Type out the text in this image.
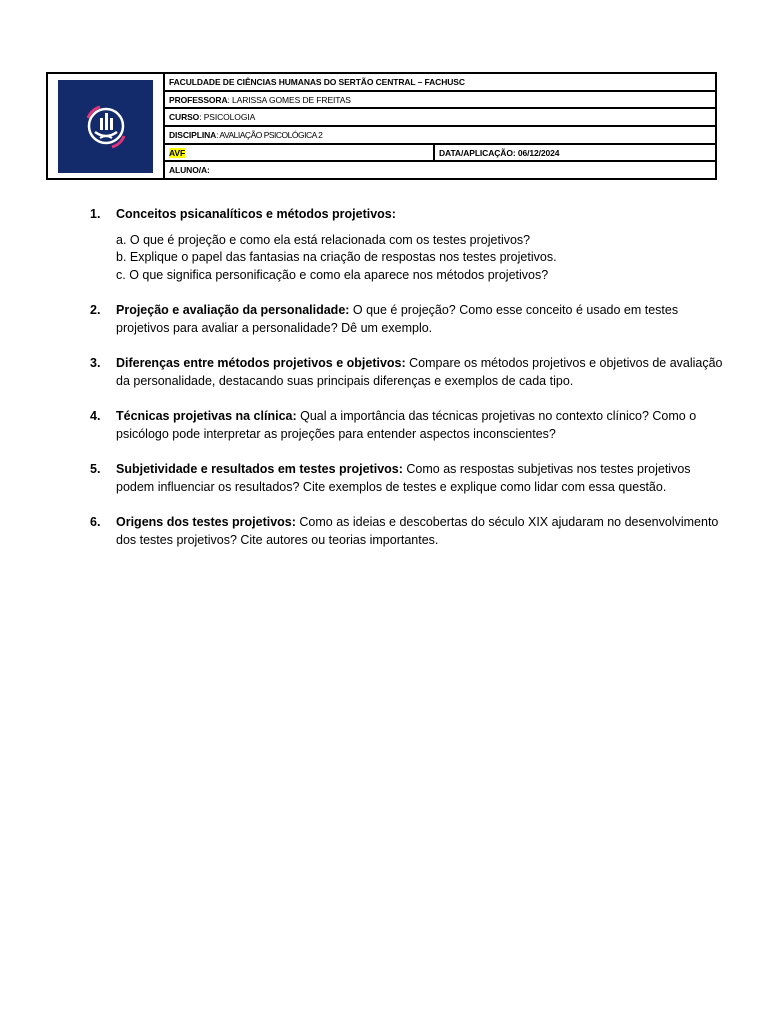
FACULDADE DE CIÊNCIAS HUMANAS DO SERTÃO CENTRAL – FACHUSC
PROFESSORA : LARISSA GOMES DE FREITAS
CURSO : PSICOLOGIA
DISCIPLINA : AVALIAÇÃO PSICOLÓGICA 2
AVF	DATA/APLICAÇÃO: 06/12/2024
ALUNO/A:
1.	Conceitos psicanalíticos e métodos projetivos:
a. O que é projeção e como ela está relacionada com os testes projetivos?
b. Explique o papel das fantasias na criação de respostas nos testes projetivos.
c. O que significa personificação e como ela aparece nos métodos projetivos?
2.	Projeção e avaliação da personalidade: O que é projeção? Como esse conceito é usado em testes projetivos para avaliar a personalidade? Dê um exemplo.
3.	Diferenças entre métodos projetivos e objetivos: Compare os métodos projetivos e objetivos de avaliação da personalidade, destacando suas principais diferenças e exemplos de cada tipo.
4.	Técnicas projetivas na clínica: Qual a importância das técnicas projetivas no contexto clínico? Como o psicólogo pode interpretar as projeções para entender aspectos inconscientes?
5.	Subjetividade e resultados em testes projetivos: Como as respostas subjetivas nos testes projetivos podem influenciar os resultados? Cite exemplos de testes e explique como lidar com essa questão.
6.	Origens dos testes projetivos: Como as ideias e descobertas do século XIX ajudaram no desenvolvimento dos testes projetivos? Cite autores ou teorias importantes.
